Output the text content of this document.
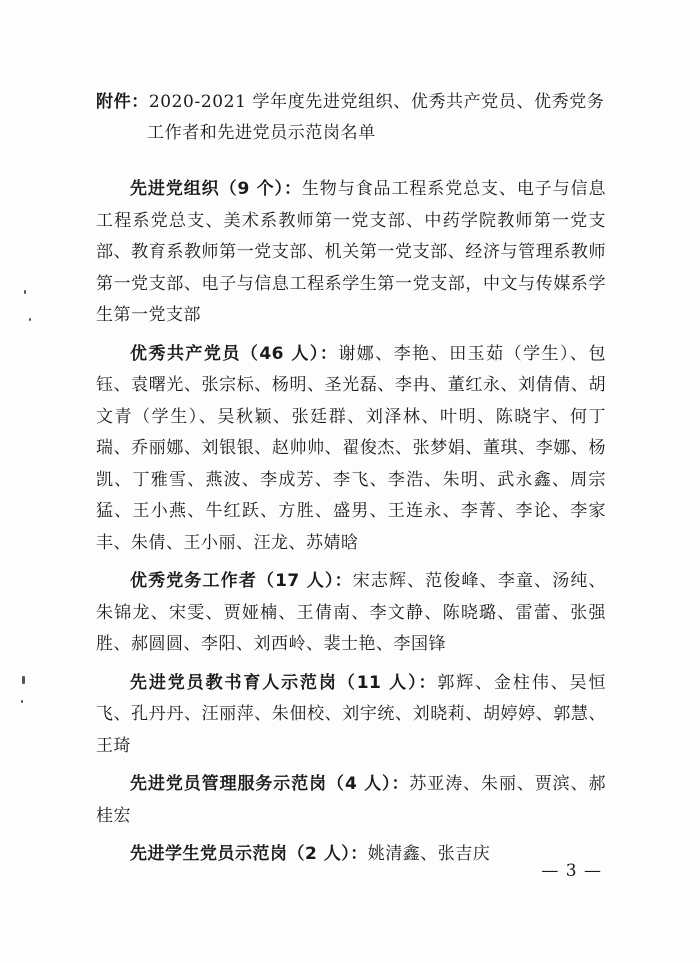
附件：2020-2021 学年度先进党组织、优秀共产党员、优秀党务
工作者和先进党员示范岗名单

先进党组织（9 个）：生物与食品工程系党总支、电子与信息工程系党总支、美术系教师第一党支部、中药学院教师第一党支部、教育系教师第一党支部、机关第一党支部、经济与管理系教师第一党支部、电子与信息工程系学生第一党支部，中文与传媒系学生第一党支部

优秀共产党员（46 人）：谢娜、李艳、田玉茹（学生）、包钰、袁曙光、张宗标、杨明、圣光磊、李冉、董红永、刘倩倩、胡文青（学生）、吴秋颖、张廷群、刘泽林、叶明、陈晓宇、何丁瑞、乔丽娜、刘银银、赵帅帅、翟俊杰、张梦娟、董琪、李娜、杨凯、丁雅雪、燕波、李成芳、李飞、李浩、朱明、武永鑫、周宗猛、王小燕、牛红跃、方胜、盛男、王连永、李菁、李论、李家丰、朱倩、王小丽、汪龙、苏婧晗

优秀党务工作者（17 人）：宋志辉、范俊峰、李童、汤纯、朱锦龙、宋雯、贾娅楠、王倩南、李文静、陈晓璐、雷蕾、张强胜、郝圆圆、李阳、刘西岭、裴士艳、李国锋

先进党员教书育人示范岗（11 人）：郭辉、金柱伟、吴恒飞、孔丹丹、汪丽萍、朱佃校、刘宇统、刘晓莉、胡婷婷、郭慧、王琦

先进党员管理服务示范岗（4 人）：苏亚涛、朱丽、贾滨、郝桂宏

先进学生党员示范岗（2 人）：姚清鑫、张吉庆

— 3 —
